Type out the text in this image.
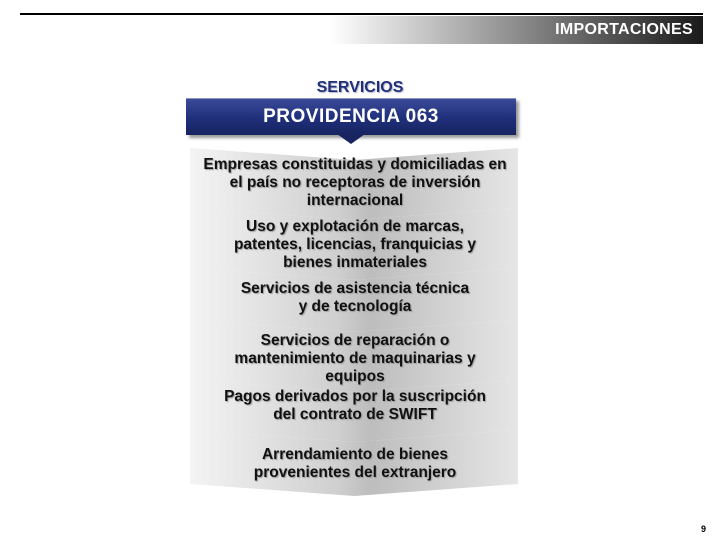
IMPORTACIONES
SERVICIOS
PROVIDENCIA 063
Empresas constituidas y domiciliadas en
el país no receptoras de inversión
internacional
Uso y explotación de marcas,
patentes, licencias, franquicias y
bienes inmateriales
Servicios de asistencia técnica
y de tecnología
Servicios de reparación o
mantenimiento de maquinarias y
equipos
Pagos derivados por la suscripción
del contrato de SWIFT
Arrendamiento de bienes
provenientes del extranjero
9
